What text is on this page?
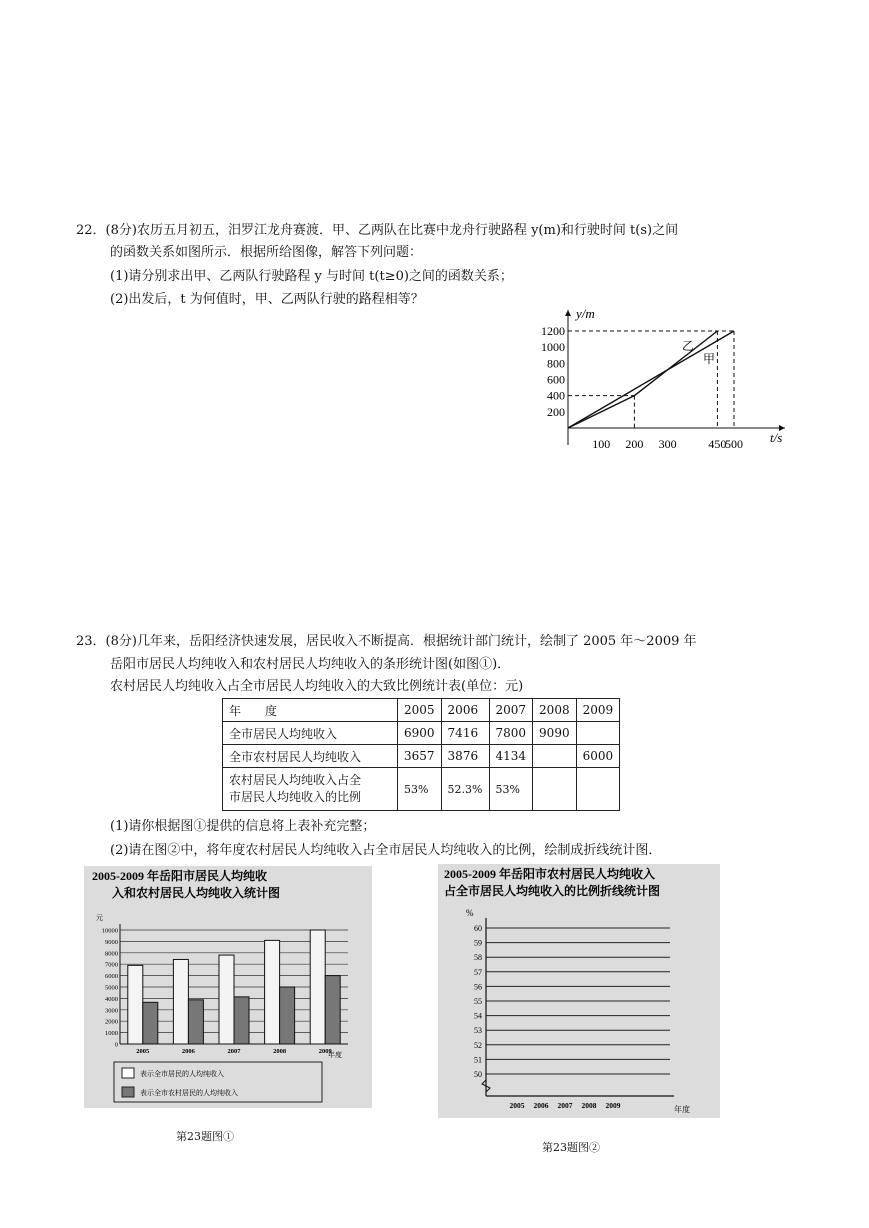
22．(8分)农历五月初五，汨罗江龙舟赛渡．甲、乙两队在比赛中龙舟行驶路程 y(m)和行驶时间 t(s)之间
的函数关系如图所示．根据所给图像，解答下列问题：
(1)请分别求出甲、乙两队行驶路程 y 与时间 t(t≥0)之间的函数关系；
(2)出发后，t 为何值时，甲、乙两队行驶的路程相等？
y/m
t/s
1200
1000
800
600
400
200
100 200 300	450
500
乙
甲
23．(8分)几年来，岳阳经济快速发展，居民收入不断提高．根据统计部门统计，绘制了 2005 年～2009 年
岳阳市居民人均纯收入和农村居民人均纯收入的条形统计图(如图①)．
农村居民人均纯收入占全市居民人均纯收入的大致比例统计表(单位：元)
年　　度	2005	2006	2007	2008	2009
全市居民人均纯收入	6900	7416	7800	9090	
全市农村居民人均纯收入	3657	3876	4134		6000
农村居民人均纯收入占全
市居民人均纯收入的比例	53%	52.3%	53%		
(1)请你根据图①提供的信息将上表补充完整；
(2)请在图②中，将年度农村居民人均纯收入占全市居民人均纯收入的比例，绘制成折线统计图．
2005-2009 年岳阳市居民人均纯收
入和农村居民人均纯收入统计图
元
10000
9000
8000
7000
6000
5000
4000
3000
2000
1000
0
2005	2006	2007	2008	2009
年度
表示全市居民的人均纯收入
表示全市农村居民的人均纯收入
第23题图①
2005-2009 年岳阳市农村居民人均纯收入
占全市居民人均纯收入的比例折线统计图
%
60
59
58
57
56
55
54
53
52
51
50
2005 2006 2007 2008 2009	年度
第23题图②
